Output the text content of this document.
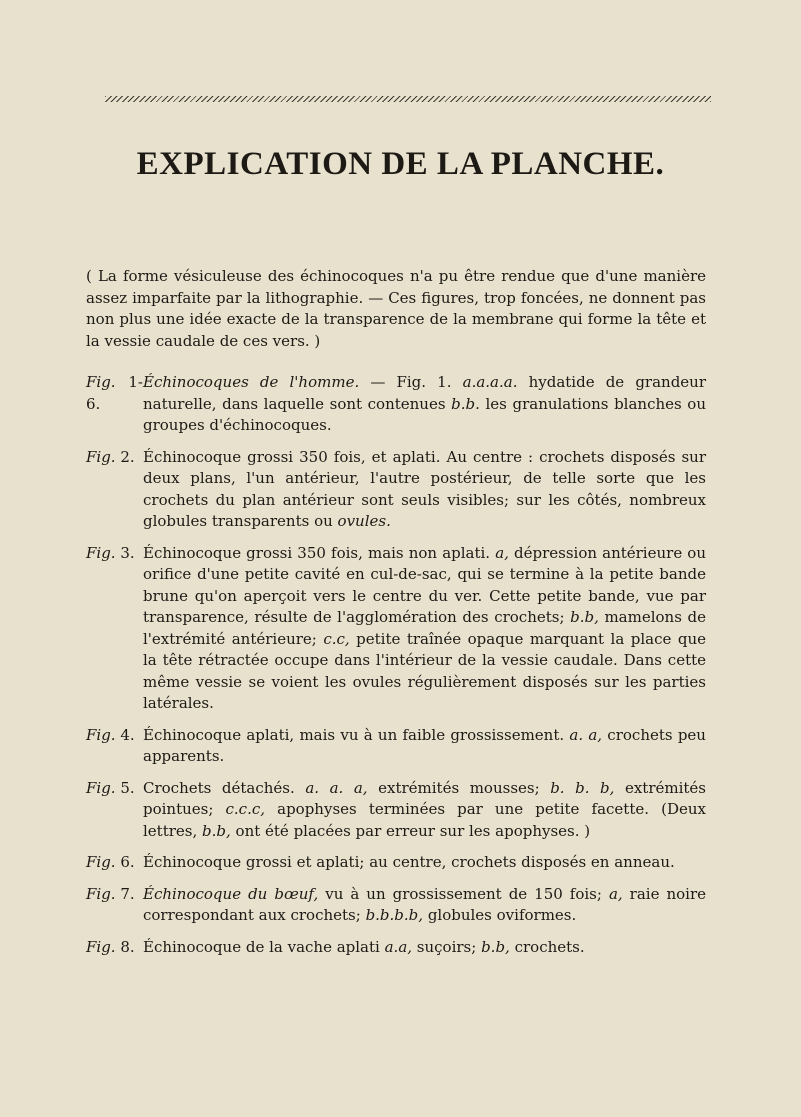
EXPLICATION DE LA PLANCHE.

( La forme vésiculeuse des échinocoques n'a pu être rendue que d'une manière assez imparfaite par la lithographie. — Ces figures, trop foncées, ne donnent pas non plus une idée exacte de la transparence de la membrane qui forme la tête et la vessie caudale de ces vers. )

Fig. 1-6.
Échinocoques de l'homme. — Fig. 1. a.a.a.a. hydatide de grandeur naturelle, dans laquelle sont contenues b.b. les granulations blanches ou groupes d'échinocoques.

Fig. 2. Échinocoque grossi 350 fois, et aplati. Au centre : crochets disposés sur deux plans, l'un antérieur, l'autre postérieur, de telle sorte que les crochets du plan antérieur sont seuls visibles; sur les côtés, nombreux globules transparents ou ovules.

Fig. 3. Échinocoque grossi 350 fois, mais non aplati. a, dépression antérieure ou orifice d'une petite cavité en cul-de-sac, qui se termine à la petite bande brune qu'on aperçoit vers le centre du ver. Cette petite bande, vue par transparence, résulte de l'agglomération des crochets; b.b, mamelons de l'extrémité antérieure; c.c, petite traînée opaque marquant la place que la tête rétractée occupe dans l'intérieur de la vessie caudale. Dans cette même vessie se voient les ovules régulièrement disposés sur les parties latérales.

Fig. 4. Échinocoque aplati, mais vu à un faible grossissement. a. a, crochets peu apparents.

Fig. 5. Crochets détachés. a. a. a, extrémités mousses; b. b. b, extrémités pointues; c.c.c, apophyses terminées par une petite facette. (Deux lettres, b.b, ont été placées par erreur sur les apophyses. )

Fig. 6. Échinocoque grossi et aplati; au centre, crochets disposés en anneau.

Fig. 7. Échinocoque du bœuf, vu à un grossissement de 150 fois; a, raie noire correspondant aux crochets; b.b.b.b, globules oviformes.

Fig. 8. Échinocoque de la vache aplati a.a, suçoirs; b.b, crochets.
